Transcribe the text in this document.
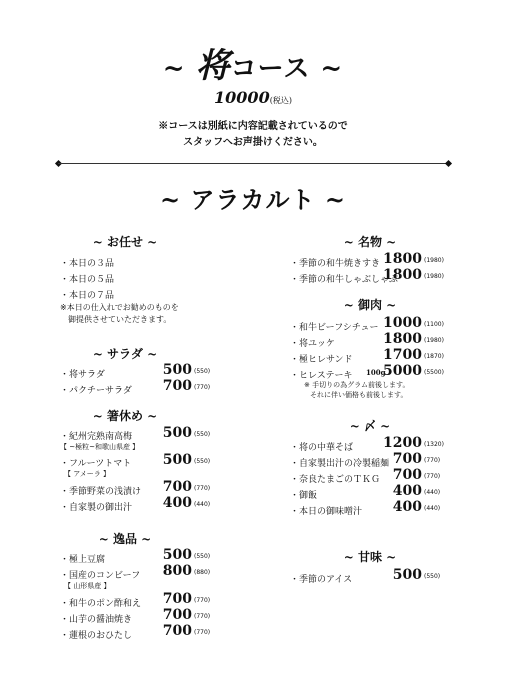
~ 将コース ~
10000(税込)
※コースは別紙に内容記載されているので
スタッフへお声掛けください。
~ アラカルト ~
~ お任せ ~
・本日の３品
・本日の５品
・本日の７品
※本日の仕入れでお勧めのものを
　御提供させていただきます。
~ サラダ ~
・将サラダ	500 (550)
・パクチーサラダ	700 (770)
~ 箸休め ~
・紀州完熟南高梅
【 ~極粒~和歌山県産 】
500 (550)
・フルーツトマト
【 アメーラ 】
500 (550)
・季節野菜の浅漬け	700 (770)
・自家製の御出汁	400 (440)
~ 逸品 ~
・極上豆腐	500 (550)
・国産のコンビーフ
【 山形県産 】
800 (880)
・和牛のポン酢和え	700 (770)
・山芋の醤油焼き	700 (770)
・蓮根のおひたし	700 (770)
~ 名物 ~
・季節の和牛焼きすき 1800 (1980)
・季節の和牛しゃぶしゃぶ
1800 (1980)
~ 御肉 ~
・和牛ビーフシチュー 1000 (1100)
・将ユッケ	1800 (1980)
・極ヒレサンド 1700 (1870)
・ヒレステーキ 100g
5000 (5500)
※ 手切りの為グラム前後します。
それに伴い価格も前後します。
~ 〆 ~
・将の中華そば 1200 (1320)
・自家製出汁の冷製稲麺 700 (770)
・奈良たまごのＴＫＧ 700 (770)
・御飯	400 (440)
・本日の御味噌汁	400 (440)
~ 甘味 ~
・季節のアイス	500 (550)
